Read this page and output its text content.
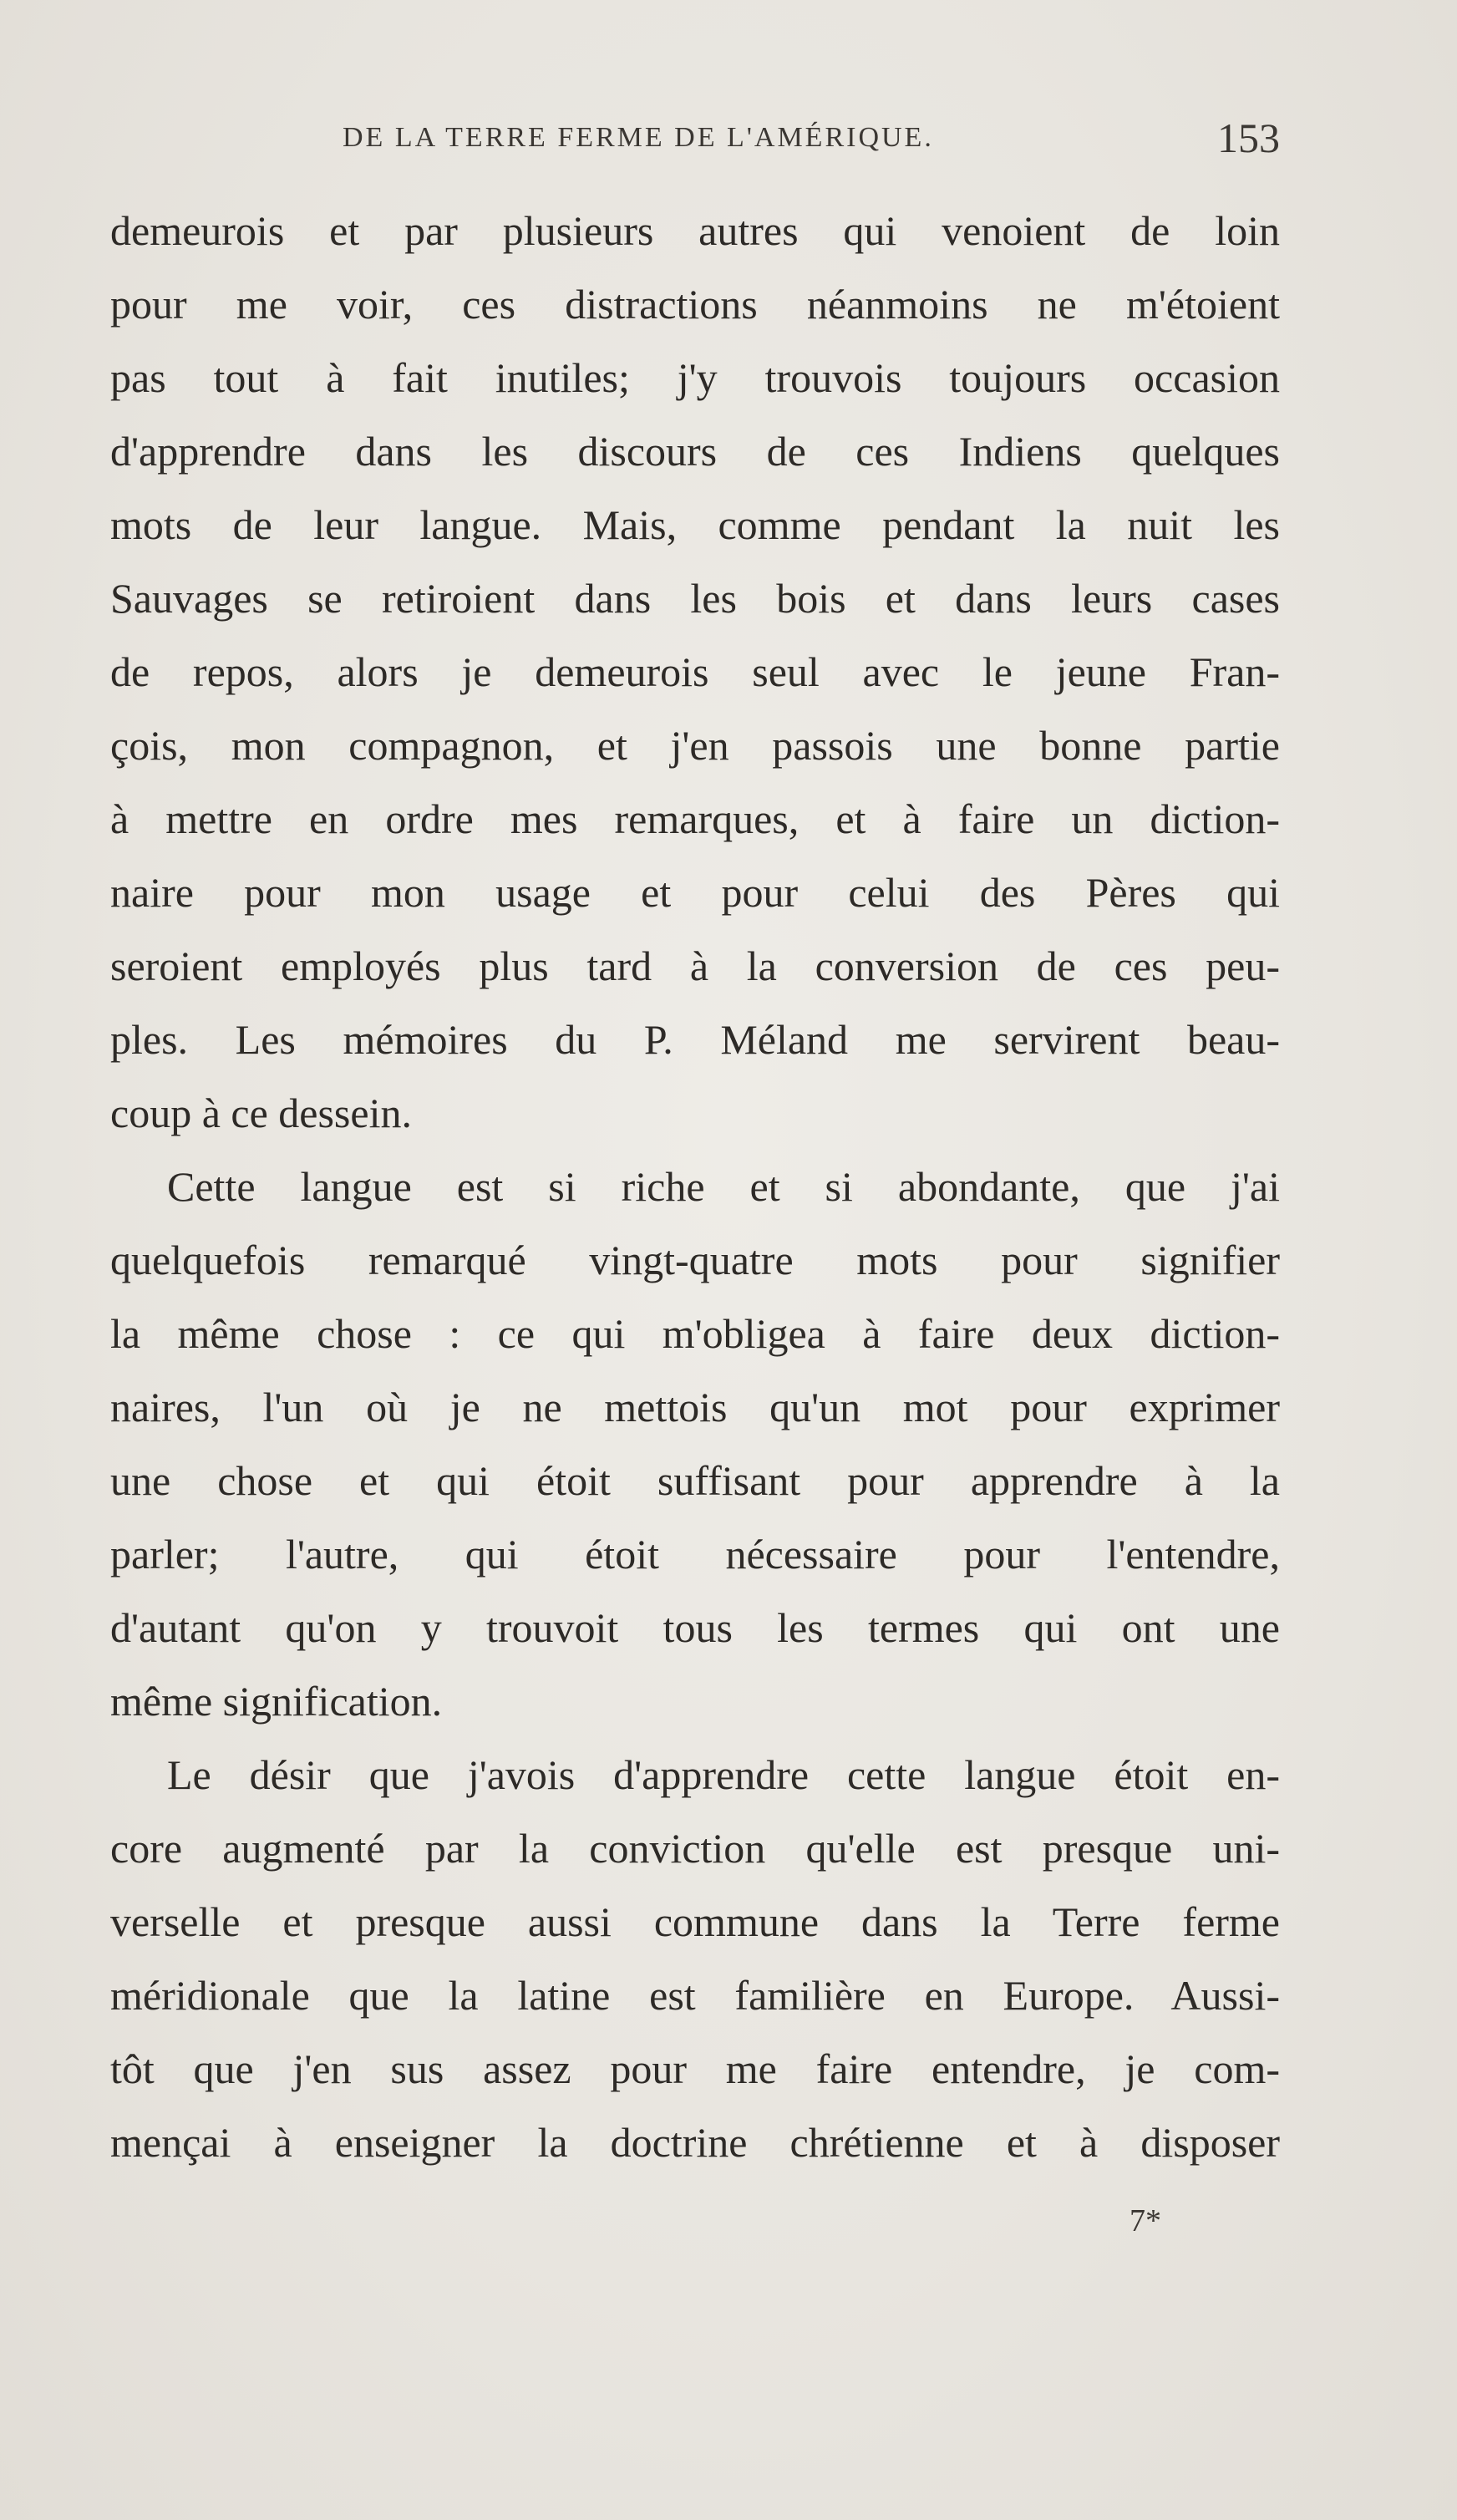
DE LA TERRE FERME DE L'AMÉRIQUE.	153
demeurois et par plusieurs autres qui venoient de loin
pour me voir, ces distractions néanmoins ne m'étoient
pas tout à fait inutiles; j'y trouvois toujours occasion
d'apprendre dans les discours de ces Indiens quelques
mots de leur langue. Mais, comme pendant la nuit les
Sauvages se retiroient dans les bois et dans leurs cases
de repos, alors je demeurois seul avec le jeune Fran-
çois, mon compagnon, et j'en passois une bonne partie
à mettre en ordre mes remarques, et à faire un diction-
naire pour mon usage et pour celui des Pères qui
seroient employés plus tard à la conversion de ces peu-
ples. Les mémoires du P. Méland me servirent beau-
coup à ce dessein.
Cette langue est si riche et si abondante, que j'ai
quelquefois remarqué vingt-quatre mots pour signifier
la même chose : ce qui m'obligea à faire deux diction-
naires, l'un où je ne mettois qu'un mot pour exprimer
une chose et qui étoit suffisant pour apprendre à la
parler; l'autre, qui étoit nécessaire pour l'entendre,
d'autant qu'on y trouvoit tous les termes qui ont une
même signification.
Le désir que j'avois d'apprendre cette langue étoit en-
core augmenté par la conviction qu'elle est presque uni-
verselle et presque aussi commune dans la Terre ferme
méridionale que la latine est familière en Europe. Aussi-
tôt que j'en sus assez pour me faire entendre, je com-
mençai à enseigner la doctrine chrétienne et à disposer
7*
